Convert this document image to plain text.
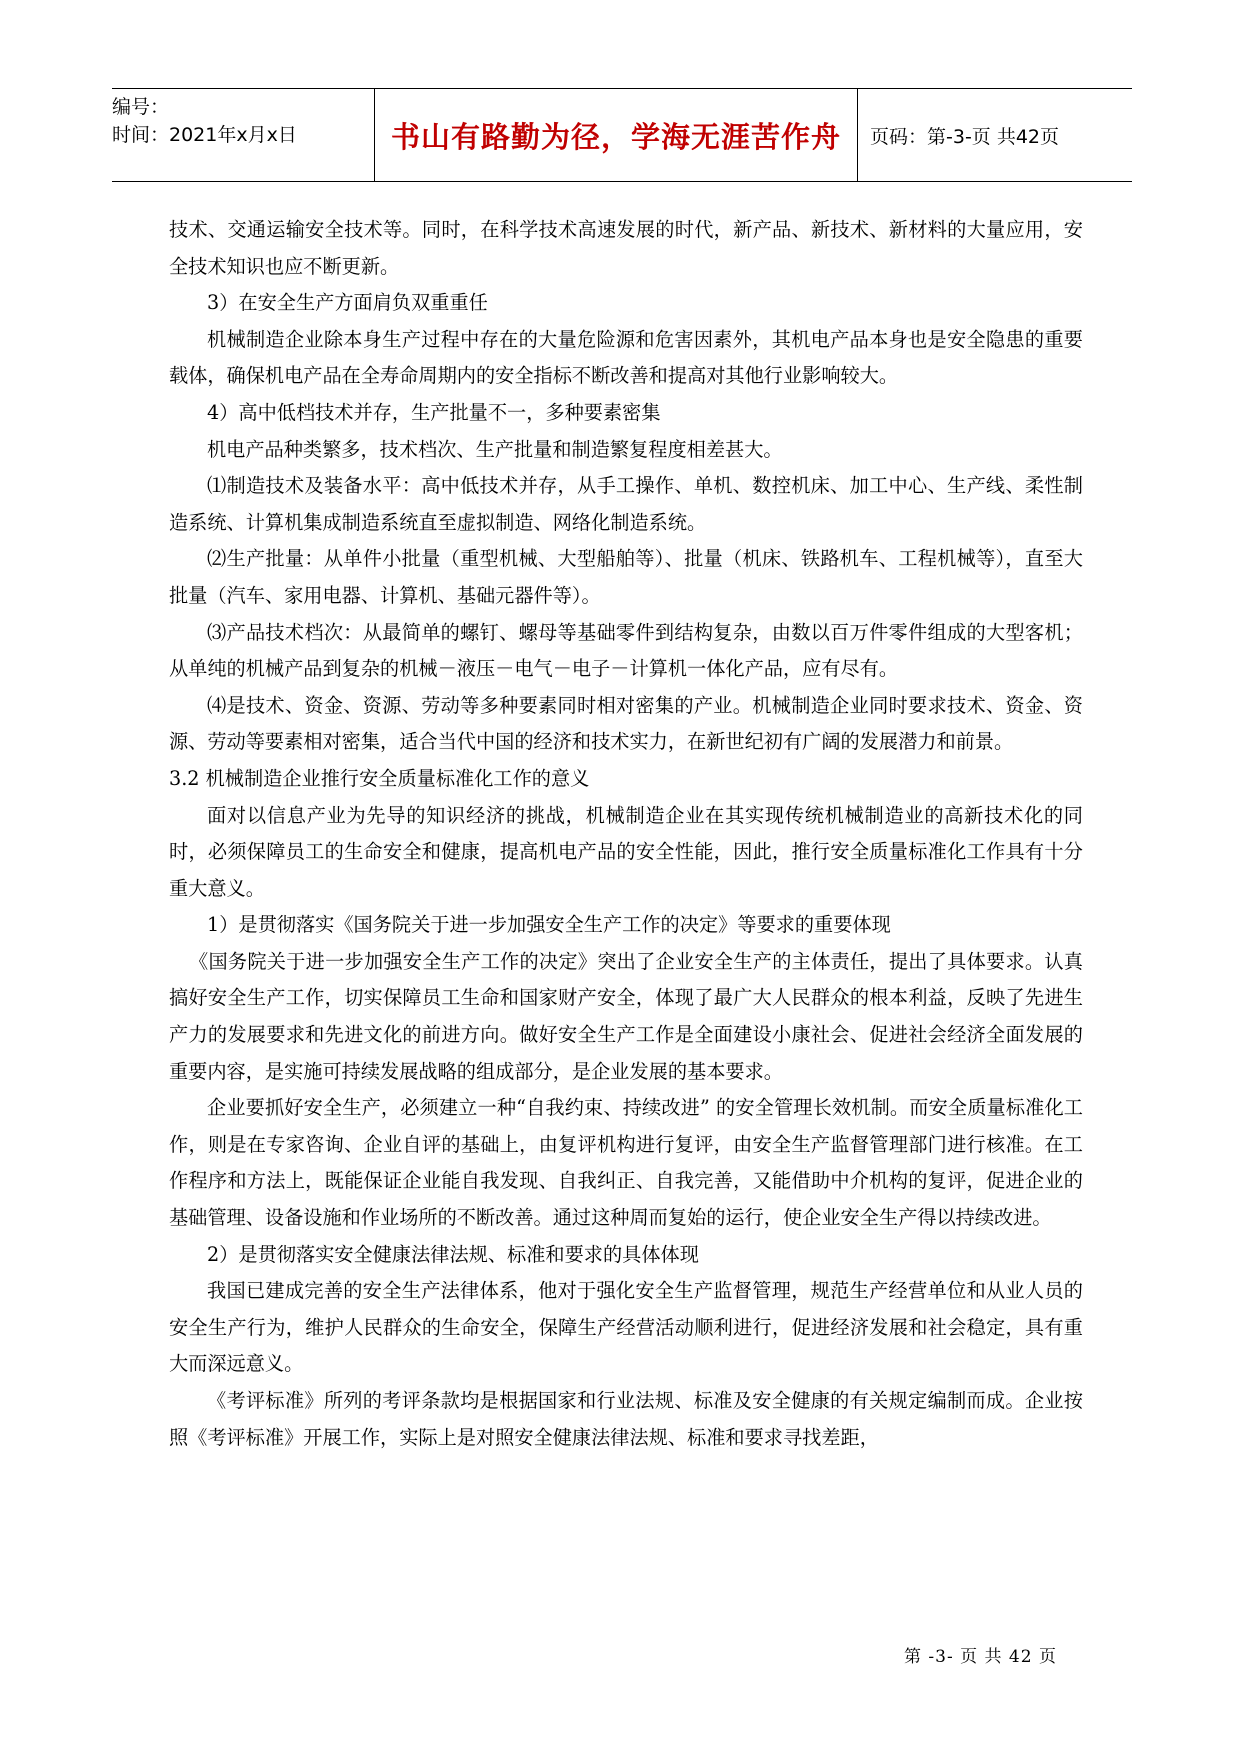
编号：
时间：2021年x月x日	书山有路勤为径，学海无涯苦作舟	页码：第-3-页 共42页

技术、交通运输安全技术等。同时，在科学技术高速发展的时代，新产品、新技术、新材料的大量应用，安全技术知识也应不断更新。

3）在安全生产方面肩负双重重任

机械制造企业除本身生产过程中存在的大量危险源和危害因素外，其机电产品本身也是安全隐患的重要载体，确保机电产品在全寿命周期内的安全指标不断改善和提高对其他行业影响较大。

4）高中低档技术并存，生产批量不一，多种要素密集

机电产品种类繁多，技术档次、生产批量和制造繁复程度相差甚大。

⑴制造技术及装备水平：高中低技术并存，从手工操作、单机、数控机床、加工中心、生产线、柔性制造系统、计算机集成制造系统直至虚拟制造、网络化制造系统。

⑵生产批量：从单件小批量（重型机械、大型船舶等）、批量（机床、铁路机车、工程机械等），直至大批量（汽车、家用电器、计算机、基础元器件等）。

⑶产品技术档次：从最简单的螺钉、螺母等基础零件到结构复杂，由数以百万件零件组成的大型客机；从单纯的机械产品到复杂的机械－液压－电气－电子－计算机一体化产品，应有尽有。

⑷是技术、资金、资源、劳动等多种要素同时相对密集的产业。机械制造企业同时要求技术、资金、资源、劳动等要素相对密集，适合当代中国的经济和技术实力，在新世纪初有广阔的发展潜力和前景。

3.2 机械制造企业推行安全质量标准化工作的意义

面对以信息产业为先导的知识经济的挑战，机械制造企业在其实现传统机械制造业的高新技术化的同时，必须保障员工的生命安全和健康，提高机电产品的安全性能，因此，推行安全质量标准化工作具有十分重大意义。

1）是贯彻落实《国务院关于进一步加强安全生产工作的决定》等要求的重要体现

《国务院关于进一步加强安全生产工作的决定》突出了企业安全生产的主体责任，提出了具体要求。认真搞好安全生产工作，切实保障员工生命和国家财产安全，体现了最广大人民群众的根本利益，反映了先进生产力的发展要求和先进文化的前进方向。做好安全生产工作是全面建设小康社会、促进社会经济全面发展的重要内容，是实施可持续发展战略的组成部分，是企业发展的基本要求。

企业要抓好安全生产，必须建立一种“自我约束、持续改进” 的安全管理长效机制。而安全质量标准化工作，则是在专家咨询、企业自评的基础上，由复评机构进行复评，由安全生产监督管理部门进行核准。在工作程序和方法上，既能保证企业能自我发现、自我纠正、自我完善，又能借助中介机构的复评，促进企业的基础管理、设备设施和作业场所的不断改善。通过这种周而复始的运行，使企业安全生产得以持续改进。

2）是贯彻落实安全健康法律法规、标准和要求的具体体现

我国已建成完善的安全生产法律体系，他对于强化安全生产监督管理，规范生产经营单位和从业人员的安全生产行为，维护人民群众的生命安全，保障生产经营活动顺利进行，促进经济发展和社会稳定，具有重大而深远意义。

《考评标准》所列的考评条款均是根据国家和行业法规、标准及安全健康的有关规定编制而成。企业按照《考评标准》开展工作，实际上是对照安全健康法律法规、标准和要求寻找差距，

第 -3- 页 共 42 页
